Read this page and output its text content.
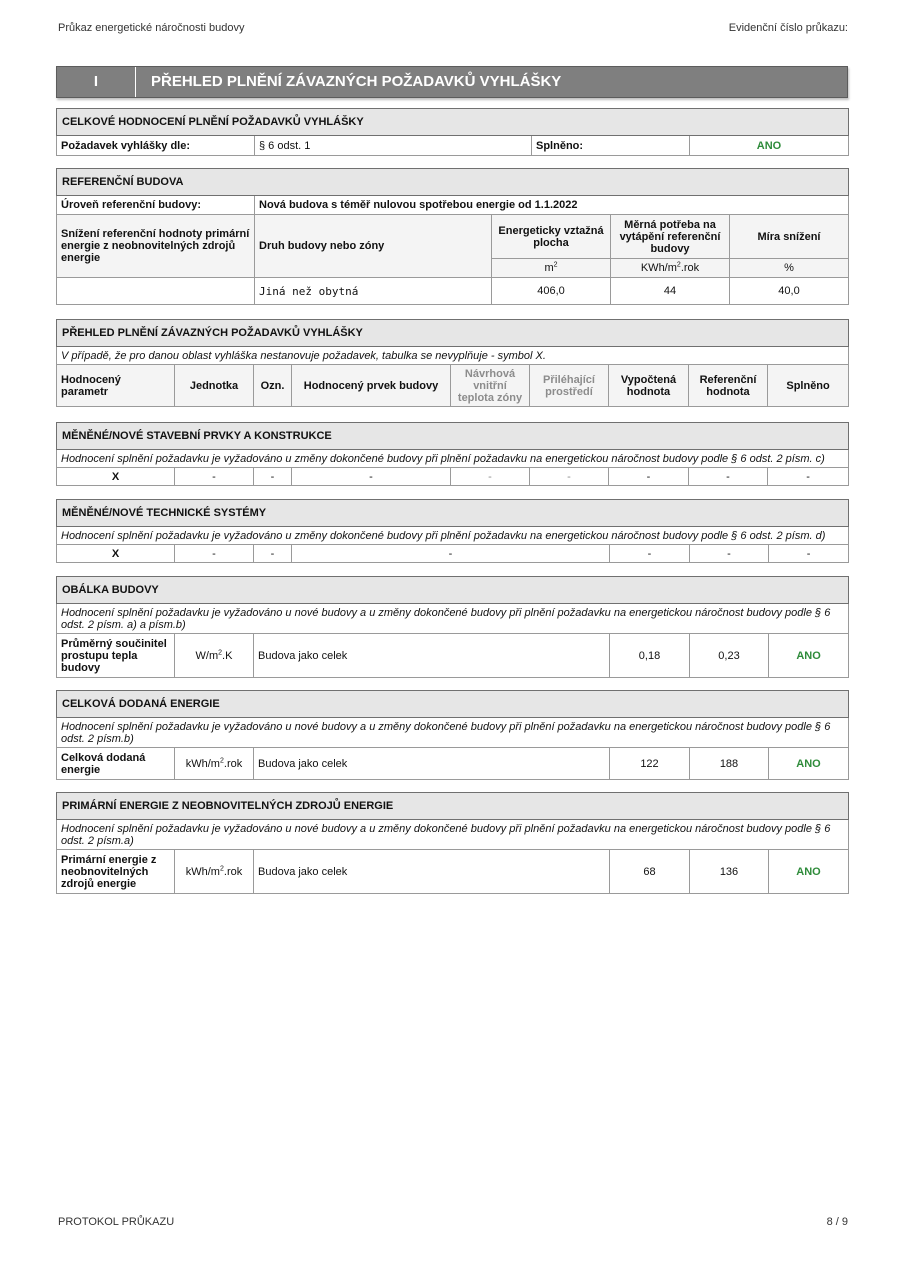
Průkaz energetické náročnosti budovy	Evidenční číslo průkazu:
I	PŘEHLED PLNĚNÍ ZÁVAZNÝCH POŽADAVKŮ VYHLÁŠKY
CELKOVÉ HODNOCENÍ PLNĚNÍ POŽADAVKŮ VYHLÁŠKY
Požadavek vyhlášky dle:	§ 6 odst. 1	Splněno:	ANO
REFERENČNÍ BUDOVA				
Úroveň referenční budovy:	Nová budova s téměř nulovou spotřebou energie od 1.1.2022			
Snížení referenční hodnoty primární energie z neobnovitelných zdrojů energie	Druh budovy nebo zóny	Energeticky vztažná plocha	Měrná potřeba na vytápění referenční budovy	Míra snížení
		$m^2$	KWh/$m^2.rok$	%
	Jiná než obytná	406,0	44	40,0
PŘEHLED PLNĚNÍ ZÁVAZNÝCH POŽADAVKŮ VYHLÁŠKY
V případě, že pro danou oblast vyhláška nestanovuje požadavek, tabulka se nevyplňuje - symbol X.
Hodnocený parametr	Jednotka	Ozn.	Hodnocený prvek budovy	Návrhová vnitřní teplota zóny	Přiléhající prostředí	Vypočtená hodnota	Referenční hodnota	Splněno
MĚNĚNÉ/NOVÉ STAVEBNÍ PRVKY A KONSTRUKCE
Hodnocení splnění požadavku je vyžadováno u změny dokončené budovy při plnění požadavku na energetickou náročnost budovy podle § 6 odst. 2 písm. c)
X	-	-	-	-	-	-	-	-
MĚNĚNÉ/NOVÉ TECHNICKÉ SYSTÉMY
Hodnocení splnění požadavku je vyžadováno u změny dokončené budovy při plnění požadavku na energetickou náročnost budovy podle § 6 odst. 2 písm. d)
X	-	-	-	-	-	-
OBÁLKA BUDOVY
Hodnocení splnění požadavku je vyžadováno u nové budovy a u změny dokončené budovy při plnění požadavku na energetickou náročnost budovy podle § 6 odst. 2 písm. a) a písm.b)
Průměrný součinitel prostupu tepla budovy	$W/m^2.K$	Budova jako celek	0,18	0,23	ANO
CELKOVÁ DODANÁ ENERGIE
Hodnocení splnění požadavku je vyžadováno u nové budovy a u změny dokončené budovy při plnění požadavku na energetickou náročnost budovy podle § 6 odst. 2 písm.b)
Celková dodaná energie	kWh/$m^2.rok$	Budova jako celek	122	188	ANO
PRIMÁRNÍ ENERGIE Z NEOBNOVITELNÝCH ZDROJŮ ENERGIE
Hodnocení splnění požadavku je vyžadováno u nové budovy a u změny dokončené budovy při plnění požadavku na energetickou náročnost budovy podle § 6 odst. 2 písm.a)
Primární energie z neobnovitelných zdrojů energie	kWh/$m^2.rok$	Budova jako celek	68	136	ANO
PROTOKOL PRŮKAZU	8 / 9
